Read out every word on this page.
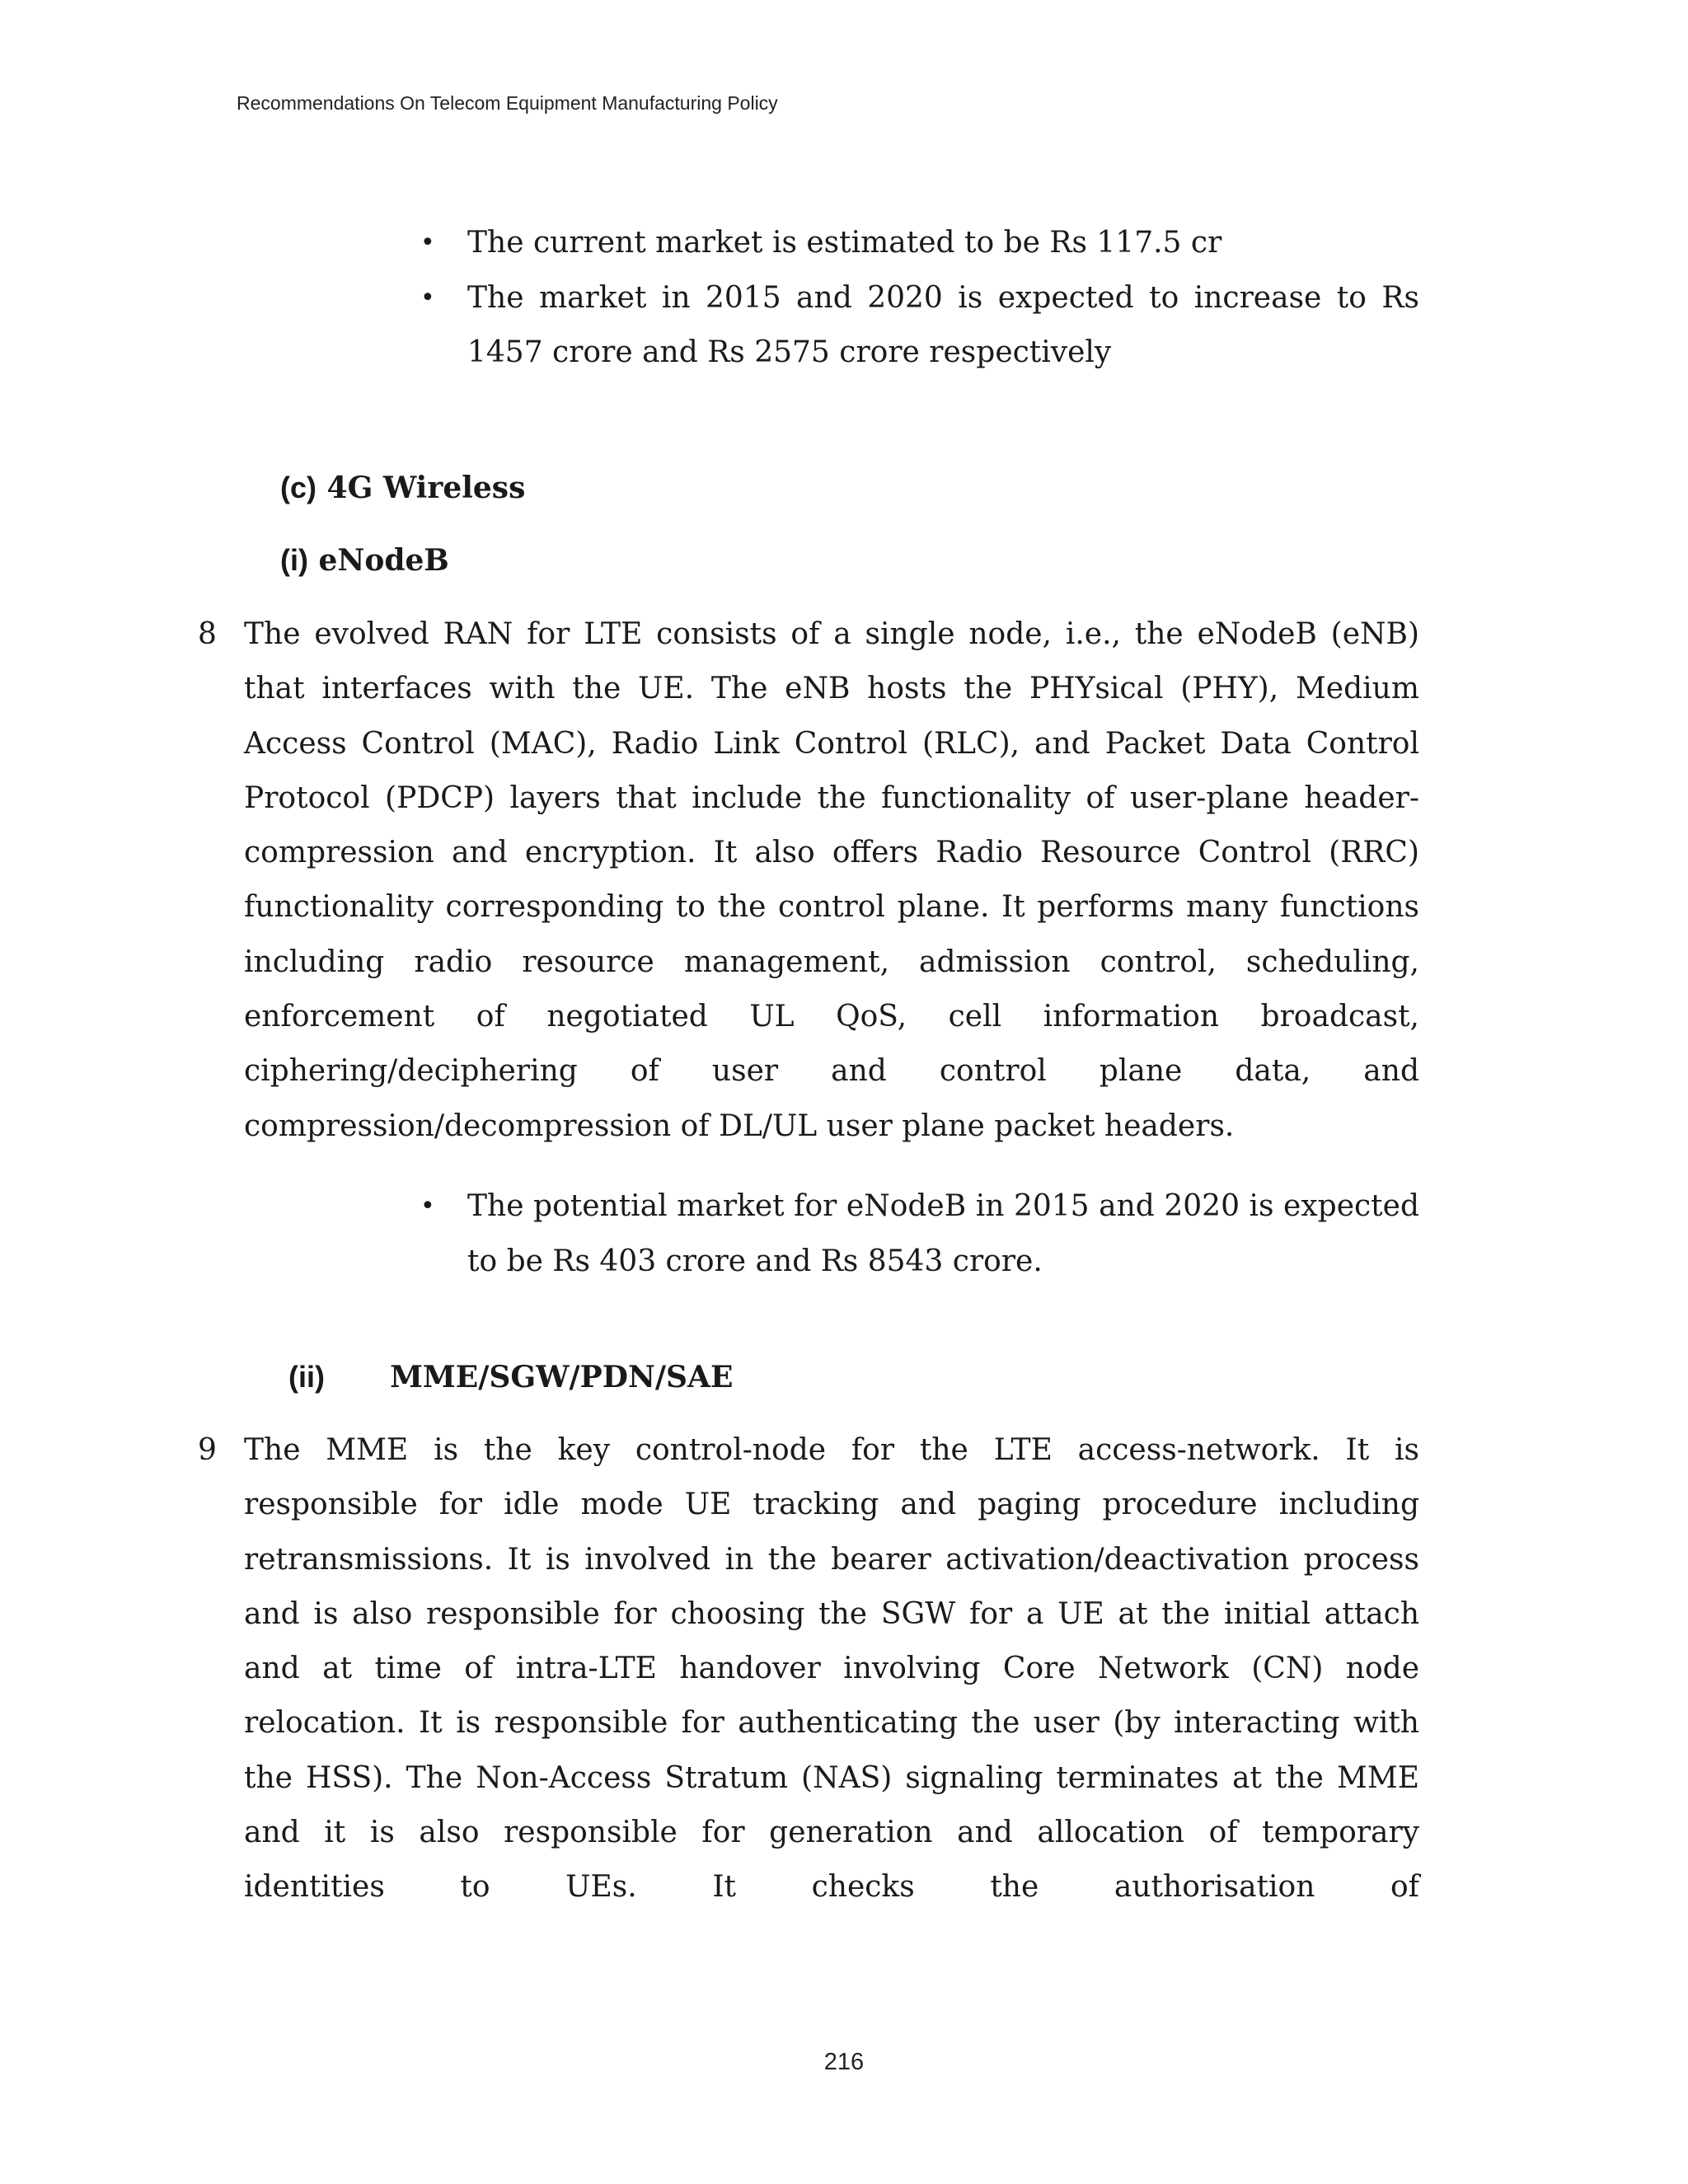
Recommendations On Telecom Equipment Manufacturing Policy
• The current market is estimated to be Rs 117.5 cr
• The market in 2015 and 2020 is expected to increase to Rs 1457 crore and Rs 2575 crore respectively
(c) 4G Wireless
(i) eNodeB
8 The evolved RAN for LTE consists of a single node, i.e., the eNodeB (eNB) that interfaces with the UE. The eNB hosts the PHYsical (PHY), Medium Access Control (MAC), Radio Link Control (RLC), and Packet Data Control Protocol (PDCP) layers that include the functionality of user-plane header-compression and encryption. It also offers Radio Resource Control (RRC) functionality corresponding to the control plane. It performs many functions including radio resource management, admission control, scheduling, enforcement of negotiated UL QoS, cell information broadcast, ciphering/deciphering of user and control plane data, and compression/decompression of DL/UL user plane packet headers.
• The potential market for eNodeB in 2015 and 2020 is expected to be Rs 403 crore and Rs 8543 crore.
(ii) MME/SGW/PDN/SAE
9 The MME is the key control-node for the LTE access-network. It is responsible for idle mode UE tracking and paging procedure including retransmissions. It is involved in the bearer activation/deactivation process and is also responsible for choosing the SGW for a UE at the initial attach and at time of intra-LTE handover involving Core Network (CN) node relocation. It is responsible for authenticating the user (by interacting with the HSS). The Non-Access Stratum (NAS) signaling terminates at the MME and it is also responsible for generation and allocation of temporary identities to UEs. It checks the authorisation of
216
